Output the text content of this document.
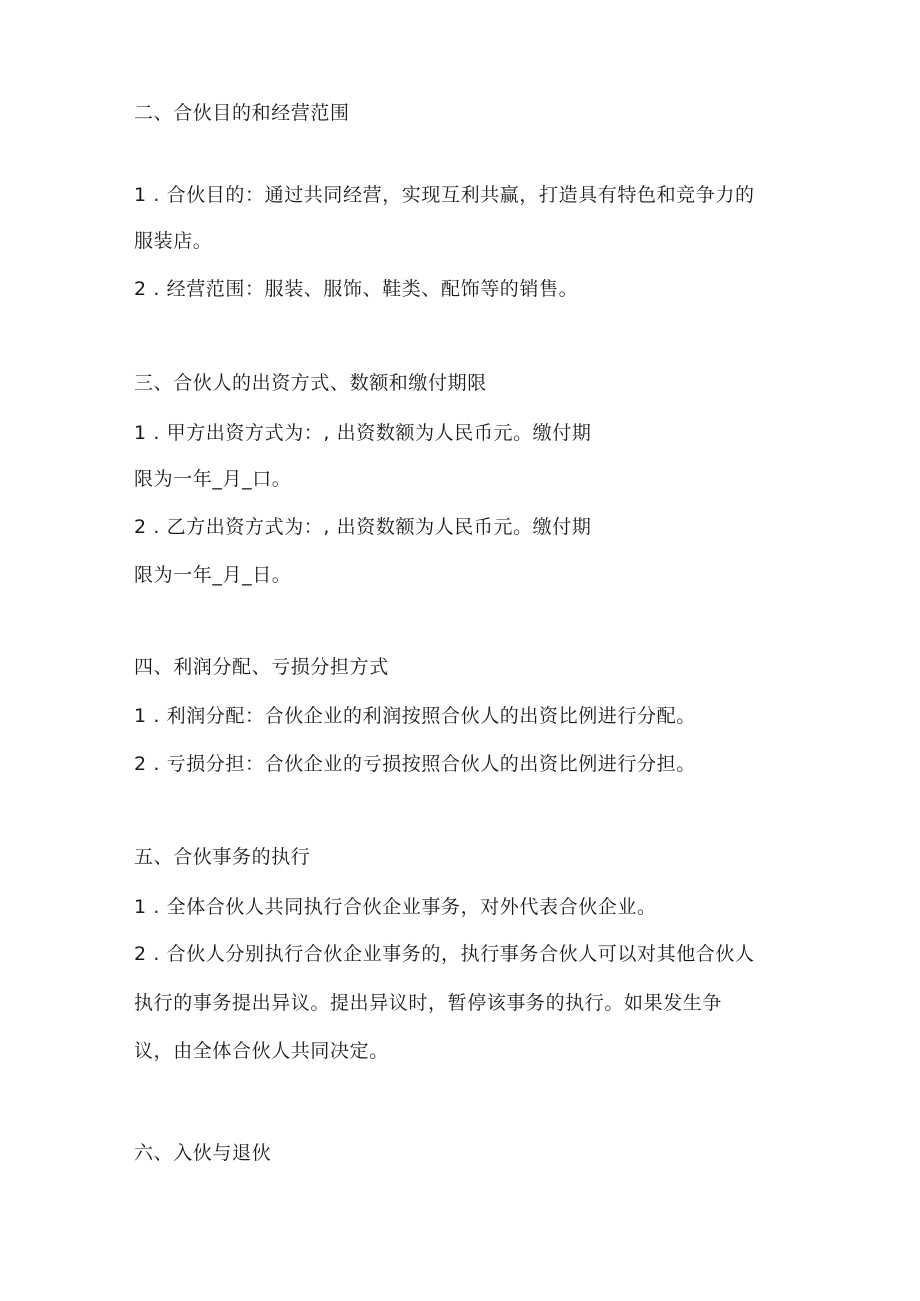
二、合伙目的和经营范围
1 . 合伙目的：通过共同经营，实现互利共赢，打造具有特色和竞争力的
服装店。
2 . 经营范围：服装、服饰、鞋类、配饰等的销售。
三、合伙人的出资方式、数额和缴付期限
1 . 甲方出资方式为：, 出资数额为人民币元。缴付期
限为一年_月_口。
2 . 乙方出资方式为：, 出资数额为人民币元。缴付期
限为一年_月_日。
四、利润分配、亏损分担方式
1 . 利润分配：合伙企业的利润按照合伙人的出资比例进行分配。
2 . 亏损分担：合伙企业的亏损按照合伙人的出资比例进行分担。
五、合伙事务的执行
1 . 全体合伙人共同执行合伙企业事务，对外代表合伙企业。
2 . 合伙人分别执行合伙企业事务的，执行事务合伙人可以对其他合伙人
执行的事务提出异议。提出异议时，暂停该事务的执行。如果发生争
议，由全体合伙人共同决定。
六、入伙与退伙
